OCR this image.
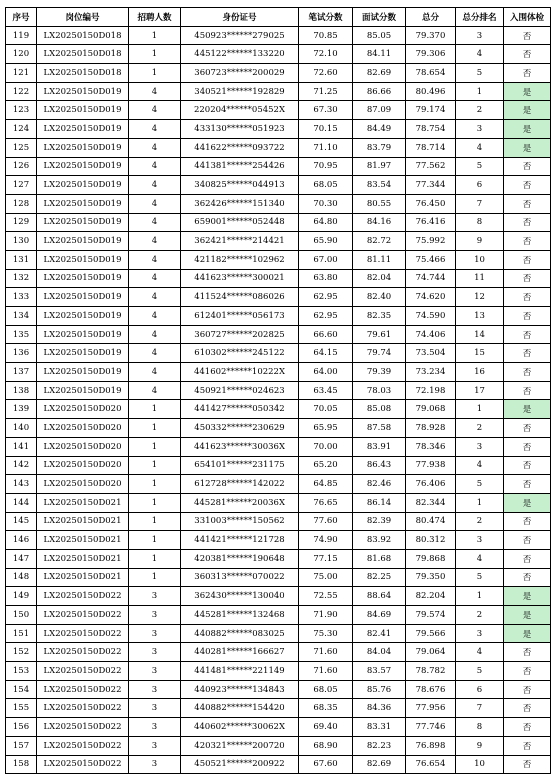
序号	岗位编号	招聘人数	身份证号	笔试分数	面试分数	总分	总分排名	入围体检
119	LX20250150D018	1	450923******279025	70.85	85.05	79.370	3	否
120	LX20250150D018	1	445122******133220	72.10	84.11	79.306	4	否
121	LX20250150D018	1	360723******200029	72.60	82.69	78.654	5	否
122	LX20250150D019	4	340521******192829	71.25	86.66	80.496	1	是
123	LX20250150D019	4	220204******05452X	67.30	87.09	79.174	2	是
124	LX20250150D019	4	433130******051923	70.15	84.49	78.754	3	是
125	LX20250150D019	4	441622******093722	71.10	83.79	78.714	4	是
126	LX20250150D019	4	441381******254426	70.95	81.97	77.562	5	否
127	LX20250150D019	4	340825******044913	68.05	83.54	77.344	6	否
128	LX20250150D019	4	362426******151340	70.30	80.55	76.450	7	否
129	LX20250150D019	4	659001******052448	64.80	84.16	76.416	8	否
130	LX20250150D019	4	362421******214421	65.90	82.72	75.992	9	否
131	LX20250150D019	4	421182******102962	67.00	81.11	75.466	10	否
132	LX20250150D019	4	441623******300021	63.80	82.04	74.744	11	否
133	LX20250150D019	4	411524******086026	62.95	82.40	74.620	12	否
134	LX20250150D019	4	612401******056173	62.95	82.35	74.590	13	否
135	LX20250150D019	4	360727******202825	66.60	79.61	74.406	14	否
136	LX20250150D019	4	610302******245122	64.15	79.74	73.504	15	否
137	LX20250150D019	4	441602******10222X	64.00	79.39	73.234	16	否
138	LX20250150D019	4	450921******024623	63.45	78.03	72.198	17	否
139	LX20250150D020	1	441427******050342	70.05	85.08	79.068	1	是
140	LX20250150D020	1	450332******230629	65.95	87.58	78.928	2	否
141	LX20250150D020	1	441623******30036X	70.00	83.91	78.346	3	否
142	LX20250150D020	1	654101******231175	65.20	86.43	77.938	4	否
143	LX20250150D020	1	612728******142022	64.85	82.46	76.406	5	否
144	LX20250150D021	1	445281******20036X	76.65	86.14	82.344	1	是
145	LX20250150D021	1	331003******150562	77.60	82.39	80.474	2	否
146	LX20250150D021	1	441421******121728	74.90	83.92	80.312	3	否
147	LX20250150D021	1	420381******190648	77.15	81.68	79.868	4	否
148	LX20250150D021	1	360313******070022	75.00	82.25	79.350	5	否
149	LX20250150D022	3	362430******130040	72.55	88.64	82.204	1	是
150	LX20250150D022	3	445281******132468	71.90	84.69	79.574	2	是
151	LX20250150D022	3	440882******083025	75.30	82.41	79.566	3	是
152	LX20250150D022	3	440281******166627	71.60	84.04	79.064	4	否
153	LX20250150D022	3	441481******221149	71.60	83.57	78.782	5	否
154	LX20250150D022	3	440923******134843	68.05	85.76	78.676	6	否
155	LX20250150D022	3	440882******154420	68.35	84.36	77.956	7	否
156	LX20250150D022	3	440602******30062X	69.40	83.31	77.746	8	否
157	LX20250150D022	3	420321******200720	68.90	82.23	76.898	9	否
158	LX20250150D022	3	450521******200922	67.60	82.69	76.654	10	否
